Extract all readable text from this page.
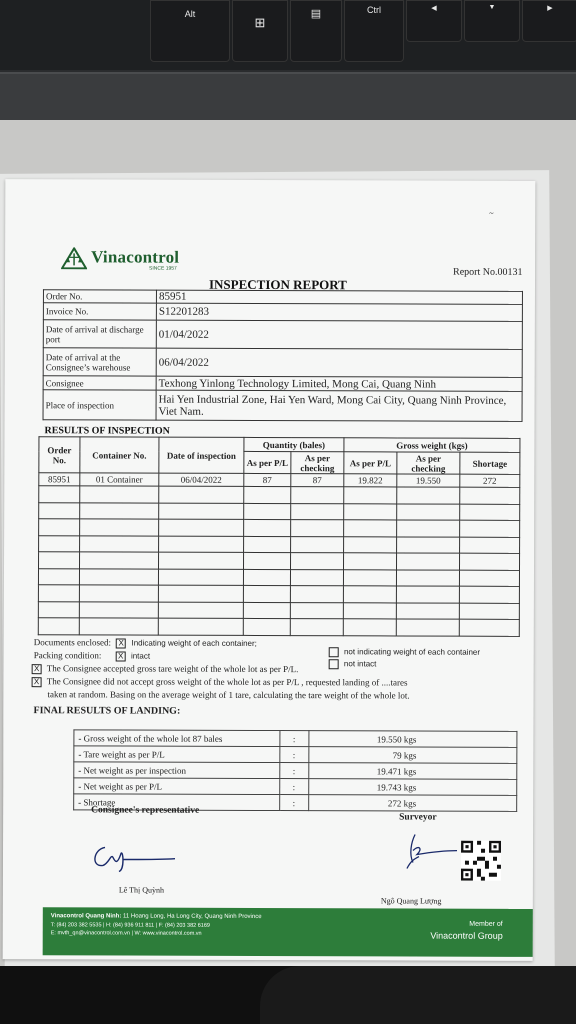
Alt
⊞
▤	Ctrl	◀	▼	▶
~
Vinacontrol
SINCE 1957	Report No.00131
INSPECTION REPORT
Order No.	85951
Invoice No.	S12201283
Date of arrival at discharge port	01/04/2022
Date of arrival at the Consignee’s warehouse	06/04/2022
Consignee	Texhong Yinlong Technology Limited, Mong Cai, Quang Ninh
Place of inspection	Hai Yen Industrial Zone, Hai Yen Ward, Mong Cai City, Quang Ninh Province, Viet Nam.
RESULTS OF INSPECTION
Order No.	Container No.	Date of inspection	Quantity (bales)		Gross weight (kgs)		
			As per P/L	As per checking	As per P/L	As per checking	Shortage
85951	01 Container	06/04/2022	87	87	19.822	19.550	272

Documents enclosed: X Indicating weight of each container;
not indicating weight of each container
Packing condition: X intact
not intact
X The Consignee accepted gross tare weight of the whole lot as per P/L.
X The Consignee did not accept gross weight of the whole lot as per P/L , requested landing of ....tares
taken at random. Basing on the average weight of 1 tare, calculating the tare weight of the whole lot.
FINAL RESULTS OF LANDING:
- Gross weight of the whole lot 87 bales	:	19.550 kgs
- Tare weight as per P/L	:	79 kgs
- Net weight as per inspection	:	19.471 kgs
- Net weight as per P/L	:	19.743 kgs
- Shortage	:	272 kgs
Consignee's representative
Surveyor
Lê Thị Quỳnh
Ngô Quang Lượng
Vinacontrol Quang Ninh: 11 Hoang Long, Ha Long City, Quang Ninh Province
T: (84) 203 382 5535 | H: (84) 936 911 811 | F: (84) 203 382 6169
E: mvth_qn@vinacontrol.com.vn | W: www.vinacontrol.com.vn
Member of
Vinacontrol Group
